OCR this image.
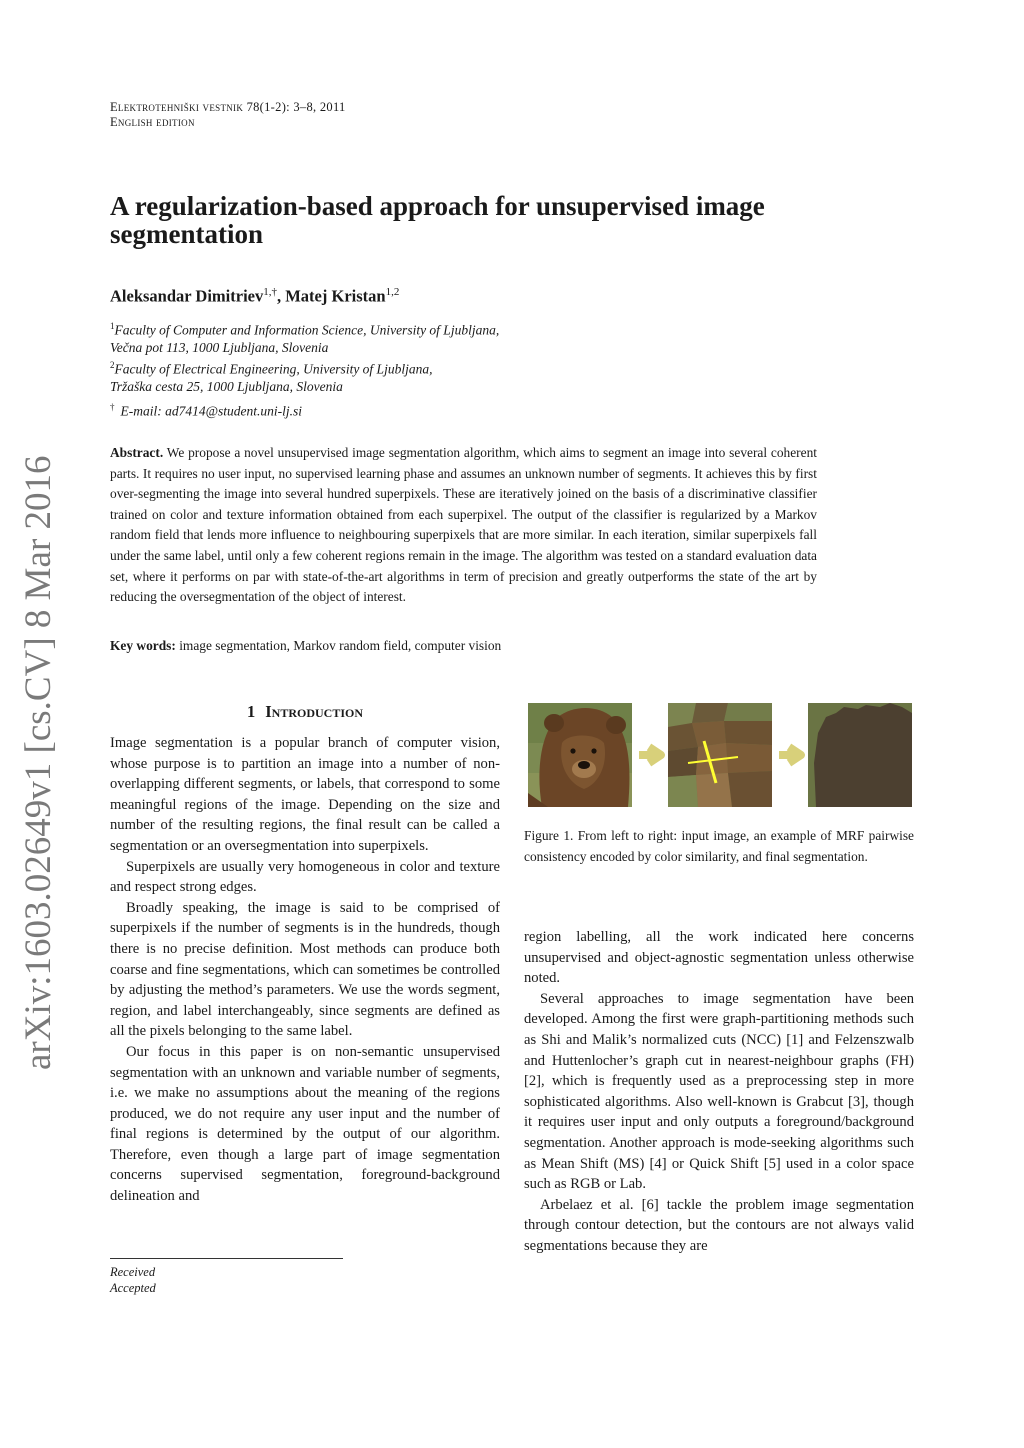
Elektrotehniški vestnik 78(1-2): 3–8, 2011
English edition
A regularization-based approach for unsupervised image segmentation
Aleksandar Dimitriev$^{1,\dagger}$, Matej Kristan$^{1,2}$
$^1$Faculty of Computer and Information Science, University of Ljubljana,
Večna pot 113, 1000 Ljubljana, Slovenia
$^2$Faculty of Electrical Engineering, University of Ljubljana,
Tržaška cesta 25, 1000 Ljubljana, Slovenia
† E-mail: ad7414@student.uni-lj.si

Abstract. We propose a novel unsupervised image segmentation algorithm, which aims to segment an image into several coherent parts. It requires no user input, no supervised learning phase and assumes an unknown number of segments. It achieves this by first over-segmenting the image into several hundred superpixels. These are iteratively joined on the basis of a discriminative classifier trained on color and texture information obtained from each superpixel. The output of the classifier is regularized by a Markov random field that lends more influence to neighbouring superpixels that are more similar. In each iteration, similar superpixels fall under the same label, until only a few coherent regions remain in the image. The algorithm was tested on a standard evaluation data set, where it performs on par with state-of-the-art algorithms in term of precision and greatly outperforms the state of the art by reducing the oversegmentation of the object of interest.

Key words: image segmentation, Markov random field, computer vision

arXiv:1603.02649v1 [cs.CV] 8 Mar 2016	1 Introduction

Image segmentation is a popular branch of computer vision, whose purpose is to partition an image into a number of non-overlapping different segments, or labels, that correspond to some meaningful regions of the image. Depending on the size and number of the resulting regions, the final result can be called a segmentation or an oversegmentation into superpixels.

Superpixels are usually very homogeneous in color and texture and respect strong edges.

Broadly speaking, the image is said to be comprised of superpixels if the number of segments is in the hundreds, though there is no precise definition. Most methods can produce both coarse and fine segmentations, which can sometimes be controlled by adjusting the method’s parameters. We use the words segment, region, and label interchangeably, since segments are defined as all the pixels belonging to the same label.

Our focus in this paper is on non-semantic unsupervised segmentation with an unknown and variable number of segments, i.e. we make no assumptions about the meaning of the regions produced, we do not require any user input and the number of final regions is determined by the output of our algorithm. Therefore, even though a large part of image segmentation concerns supervised segmentation, foreground-background delineation and

Received
Accepted

Figure 1. From left to right: input image, an example of MRF pairwise consistency encoded by color similarity, and final segmentation.

region labelling, all the work indicated here concerns unsupervised and object-agnostic segmentation unless otherwise noted.

Several approaches to image segmentation have been developed. Among the first were graph-partitioning methods such as Shi and Malik’s normalized cuts (NCC) [1] and Felzenszwalb and Huttenlocher’s graph cut in nearest-neighbour graphs (FH) [2], which is frequently used as a preprocessing step in more sophisticated algorithms. Also well-known is Grabcut [3], though it requires user input and only outputs a foreground/background segmentation. Another approach is mode-seeking algorithms such as Mean Shift (MS) [4] or Quick Shift [5] used in a color space such as RGB or Lab.

Arbelaez et al. [6] tackle the problem image segmentation through contour detection, but the contours are not always valid segmentations because they are
